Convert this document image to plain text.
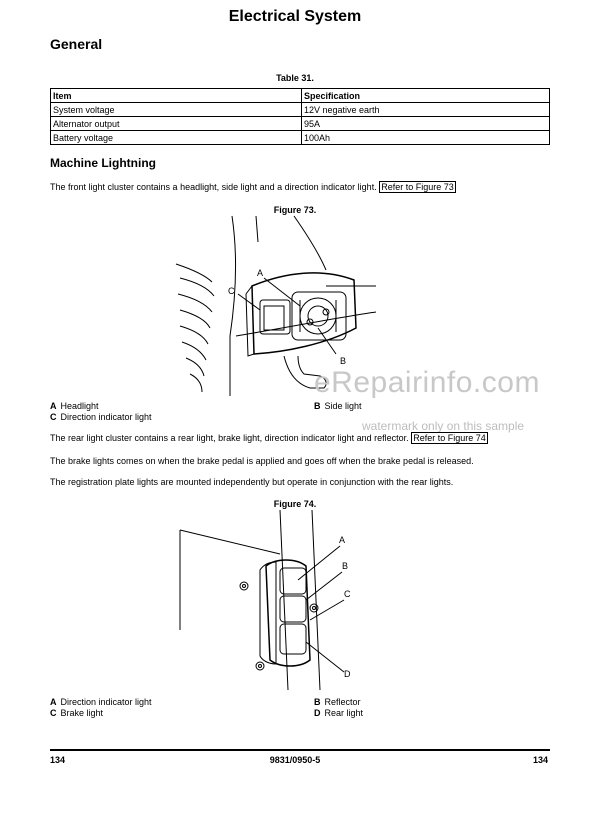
Electrical System
General
Table 31.
Item	Specification
System voltage	12V negative earth
Alternator output	95A
Battery voltage	100Ah
Machine Lightning
The front light cluster contains a headlight, side light and a direction indicator light. Refer to Figure 73
Figure 73.
A
C
B
A Headlight
C Direction indicator light
B Side light
eRepairinfo.com
watermark only on this sample
The rear light cluster contains a rear light, brake light, direction indicator light and reflector. Refer to Figure 74
The brake lights comes on when the brake pedal is applied and goes off when the brake pedal is released.
The registration plate lights are mounted independently but operate in conjunction with the rear lights.
Figure 74.
A
B
C
D
A Direction indicator light
C Brake light
B Reflector
D Rear light
134	9831/0950-5	134
